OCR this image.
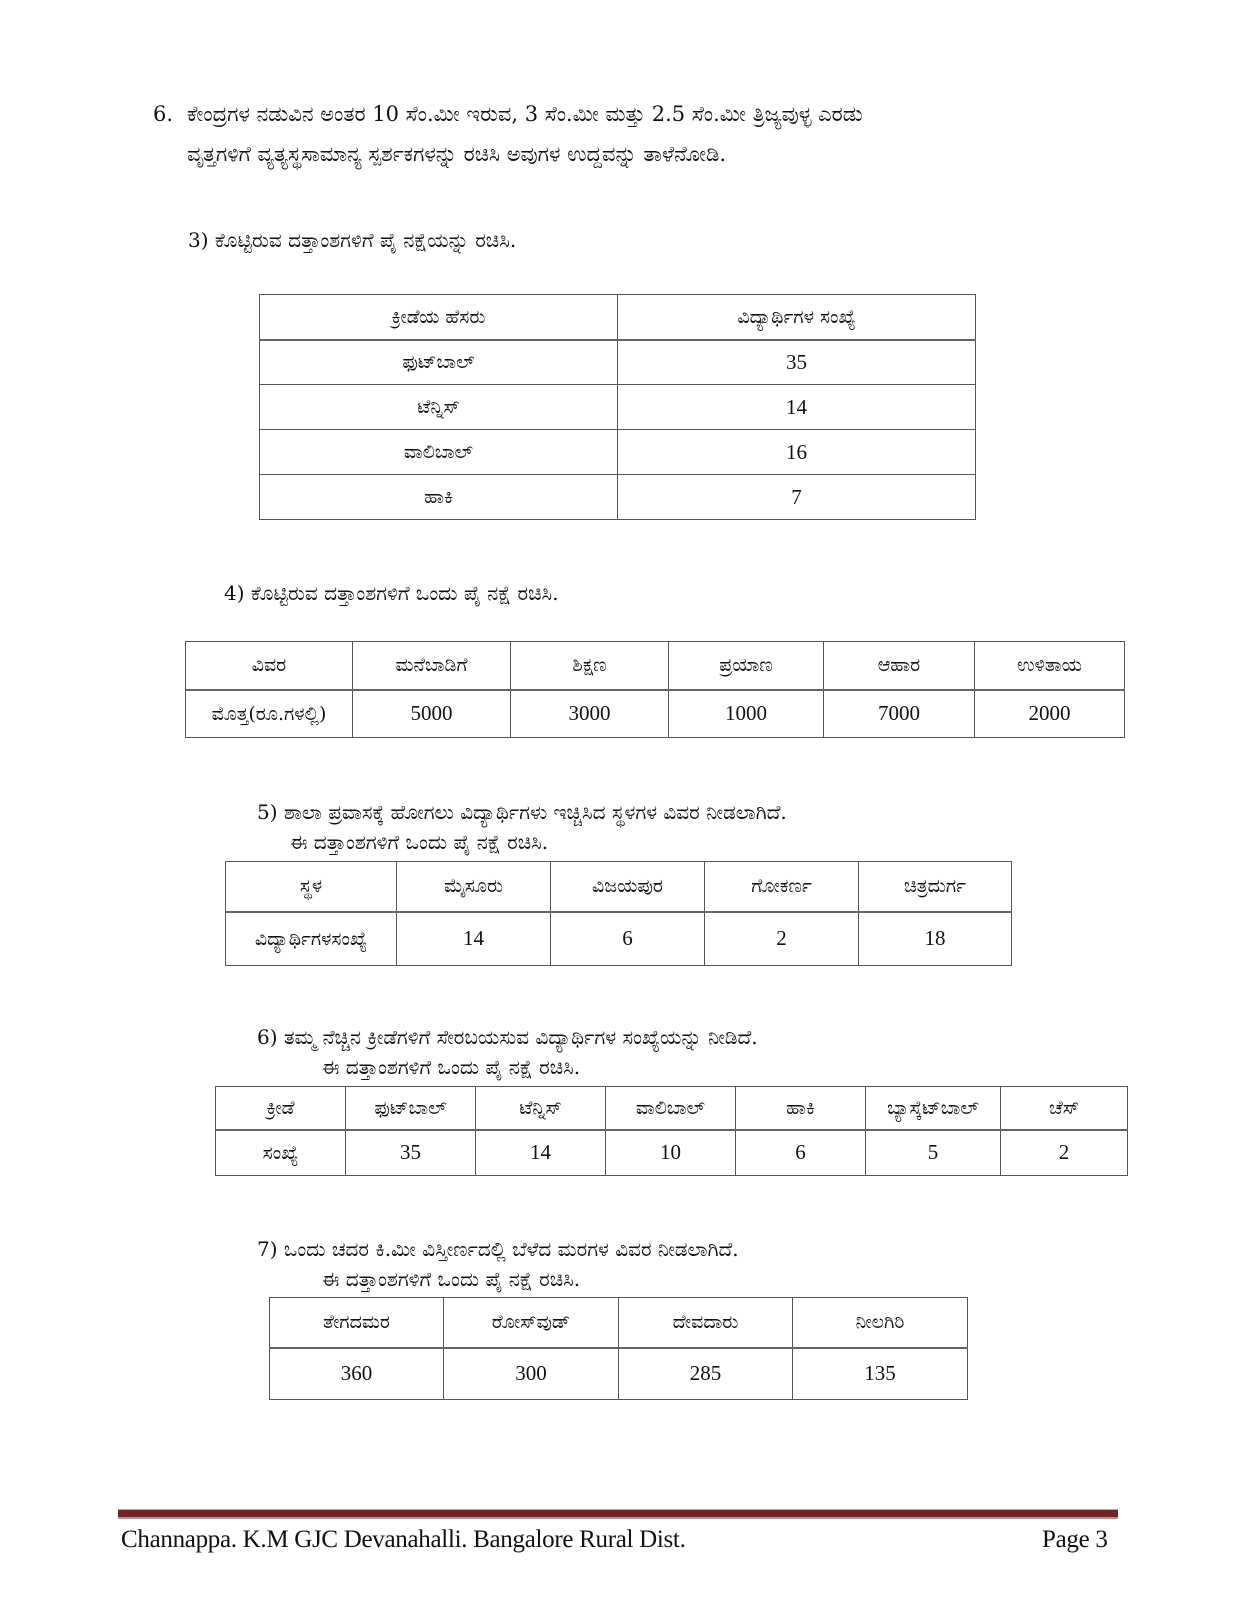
6. ಕೇಂದ್ರಗಳ ನಡುವಿನ ಅಂತರ 10 ಸೆಂ.ಮೀ ಇರುವ, 3 ಸೆಂ.ಮೀ ಮತ್ತು 2.5 ಸೆಂ.ಮೀ ತ್ರಿಜ್ಯವುಳ್ಳ ಎರಡು
ವೃತ್ತಗಳಿಗೆ ವ್ಯತ್ಯಸ್ಥಸಾಮಾನ್ಯ ಸ್ಪರ್ಶಕಗಳನ್ನು ರಚಿಸಿ ಅವುಗಳ ಉದ್ದವನ್ನು ತಾಳೆನೋಡಿ.
3) ಕೊಟ್ಟಿರುವ ದತ್ತಾಂಶಗಳಿಗೆ ಪೈ ನಕ್ಷೆಯನ್ನು ರಚಿಸಿ.
ಕ್ರೀಡೆಯ ಹೆಸರು	ವಿದ್ಯಾರ್ಥಿಗಳ ಸಂಖ್ಯೆ
ಫುಟ್‌ಬಾಲ್	35
ಟೆನ್ನಿಸ್	14
ವಾಲಿಬಾಲ್	16
ಹಾಕಿ	7
4) ಕೊಟ್ಟಿರುವ ದತ್ತಾಂಶಗಳಿಗೆ ಒಂದು ಪೈ ನಕ್ಷೆ ರಚಿಸಿ.
ವಿವರ	ಮನೆಬಾಡಿಗೆ	ಶಿಕ್ಷಣ	ಪ್ರಯಾಣ	ಆಹಾರ	ಉಳಿತಾಯ
ಮೊತ್ತ(ರೂ.ಗಳಲ್ಲಿ)	5000	3000	1000	7000	2000
5) ಶಾಲಾ ಪ್ರವಾಸಕ್ಕೆ ಹೋಗಲು ವಿದ್ಯಾರ್ಥಿಗಳು ಇಚ್ಚಿಸಿದ ಸ್ಥಳಗಳ ವಿವರ ನೀಡಲಾಗಿದೆ.
ಈ ದತ್ತಾಂಶಗಳಿಗೆ ಒಂದು ಪೈ ನಕ್ಷೆ ರಚಿಸಿ.
ಸ್ಥಳ	ಮೈಸೂರು	ವಿಜಯಪುರ	ಗೋಕರ್ಣ	ಚಿತ್ರದುರ್ಗ
ವಿದ್ಯಾರ್ಥಿಗಳಸಂಖ್ಯೆ	14	6	2	18
6) ತಮ್ಮ ನೆಚ್ಚಿನ ಕ್ರೀಡೆಗಳಿಗೆ ಸೇರಬಯಸುವ ವಿದ್ಯಾರ್ಥಿಗಳ ಸಂಖ್ಯೆಯನ್ನು ನೀಡಿದೆ.
ಈ ದತ್ತಾಂಶಗಳಿಗೆ ಒಂದು ಪೈ ನಕ್ಷೆ ರಚಿಸಿ.
ಕ್ರೀಡೆ	ಫುಟ್‌ಬಾಲ್	ಟೆನ್ನಿಸ್	ವಾಲಿಬಾಲ್	ಹಾಕಿ	ಬ್ಯಾಸ್ಕೆಟ್‌ಬಾಲ್	ಚೆಸ್
ಸಂಖ್ಯೆ	35	14	10	6	5	2
7) ಒಂದು ಚದರ ಕಿ.ಮೀ ವಿಸ್ತೀರ್ಣದಲ್ಲಿ ಬೆಳೆದ ಮರಗಳ ವಿವರ ನೀಡಲಾಗಿದೆ.
ಈ ದತ್ತಾಂಶಗಳಿಗೆ ಒಂದು ಪೈ ನಕ್ಷೆ ರಚಿಸಿ.
ತೇಗದಮರ	ರೋಸ್‌ವುಡ್	ದೇವದಾರು	ನೀಲಗಿರಿ
360	300	285	135
Channappa. K.M GJC Devanahalli. Bangalore Rural Dist.	Page 3
